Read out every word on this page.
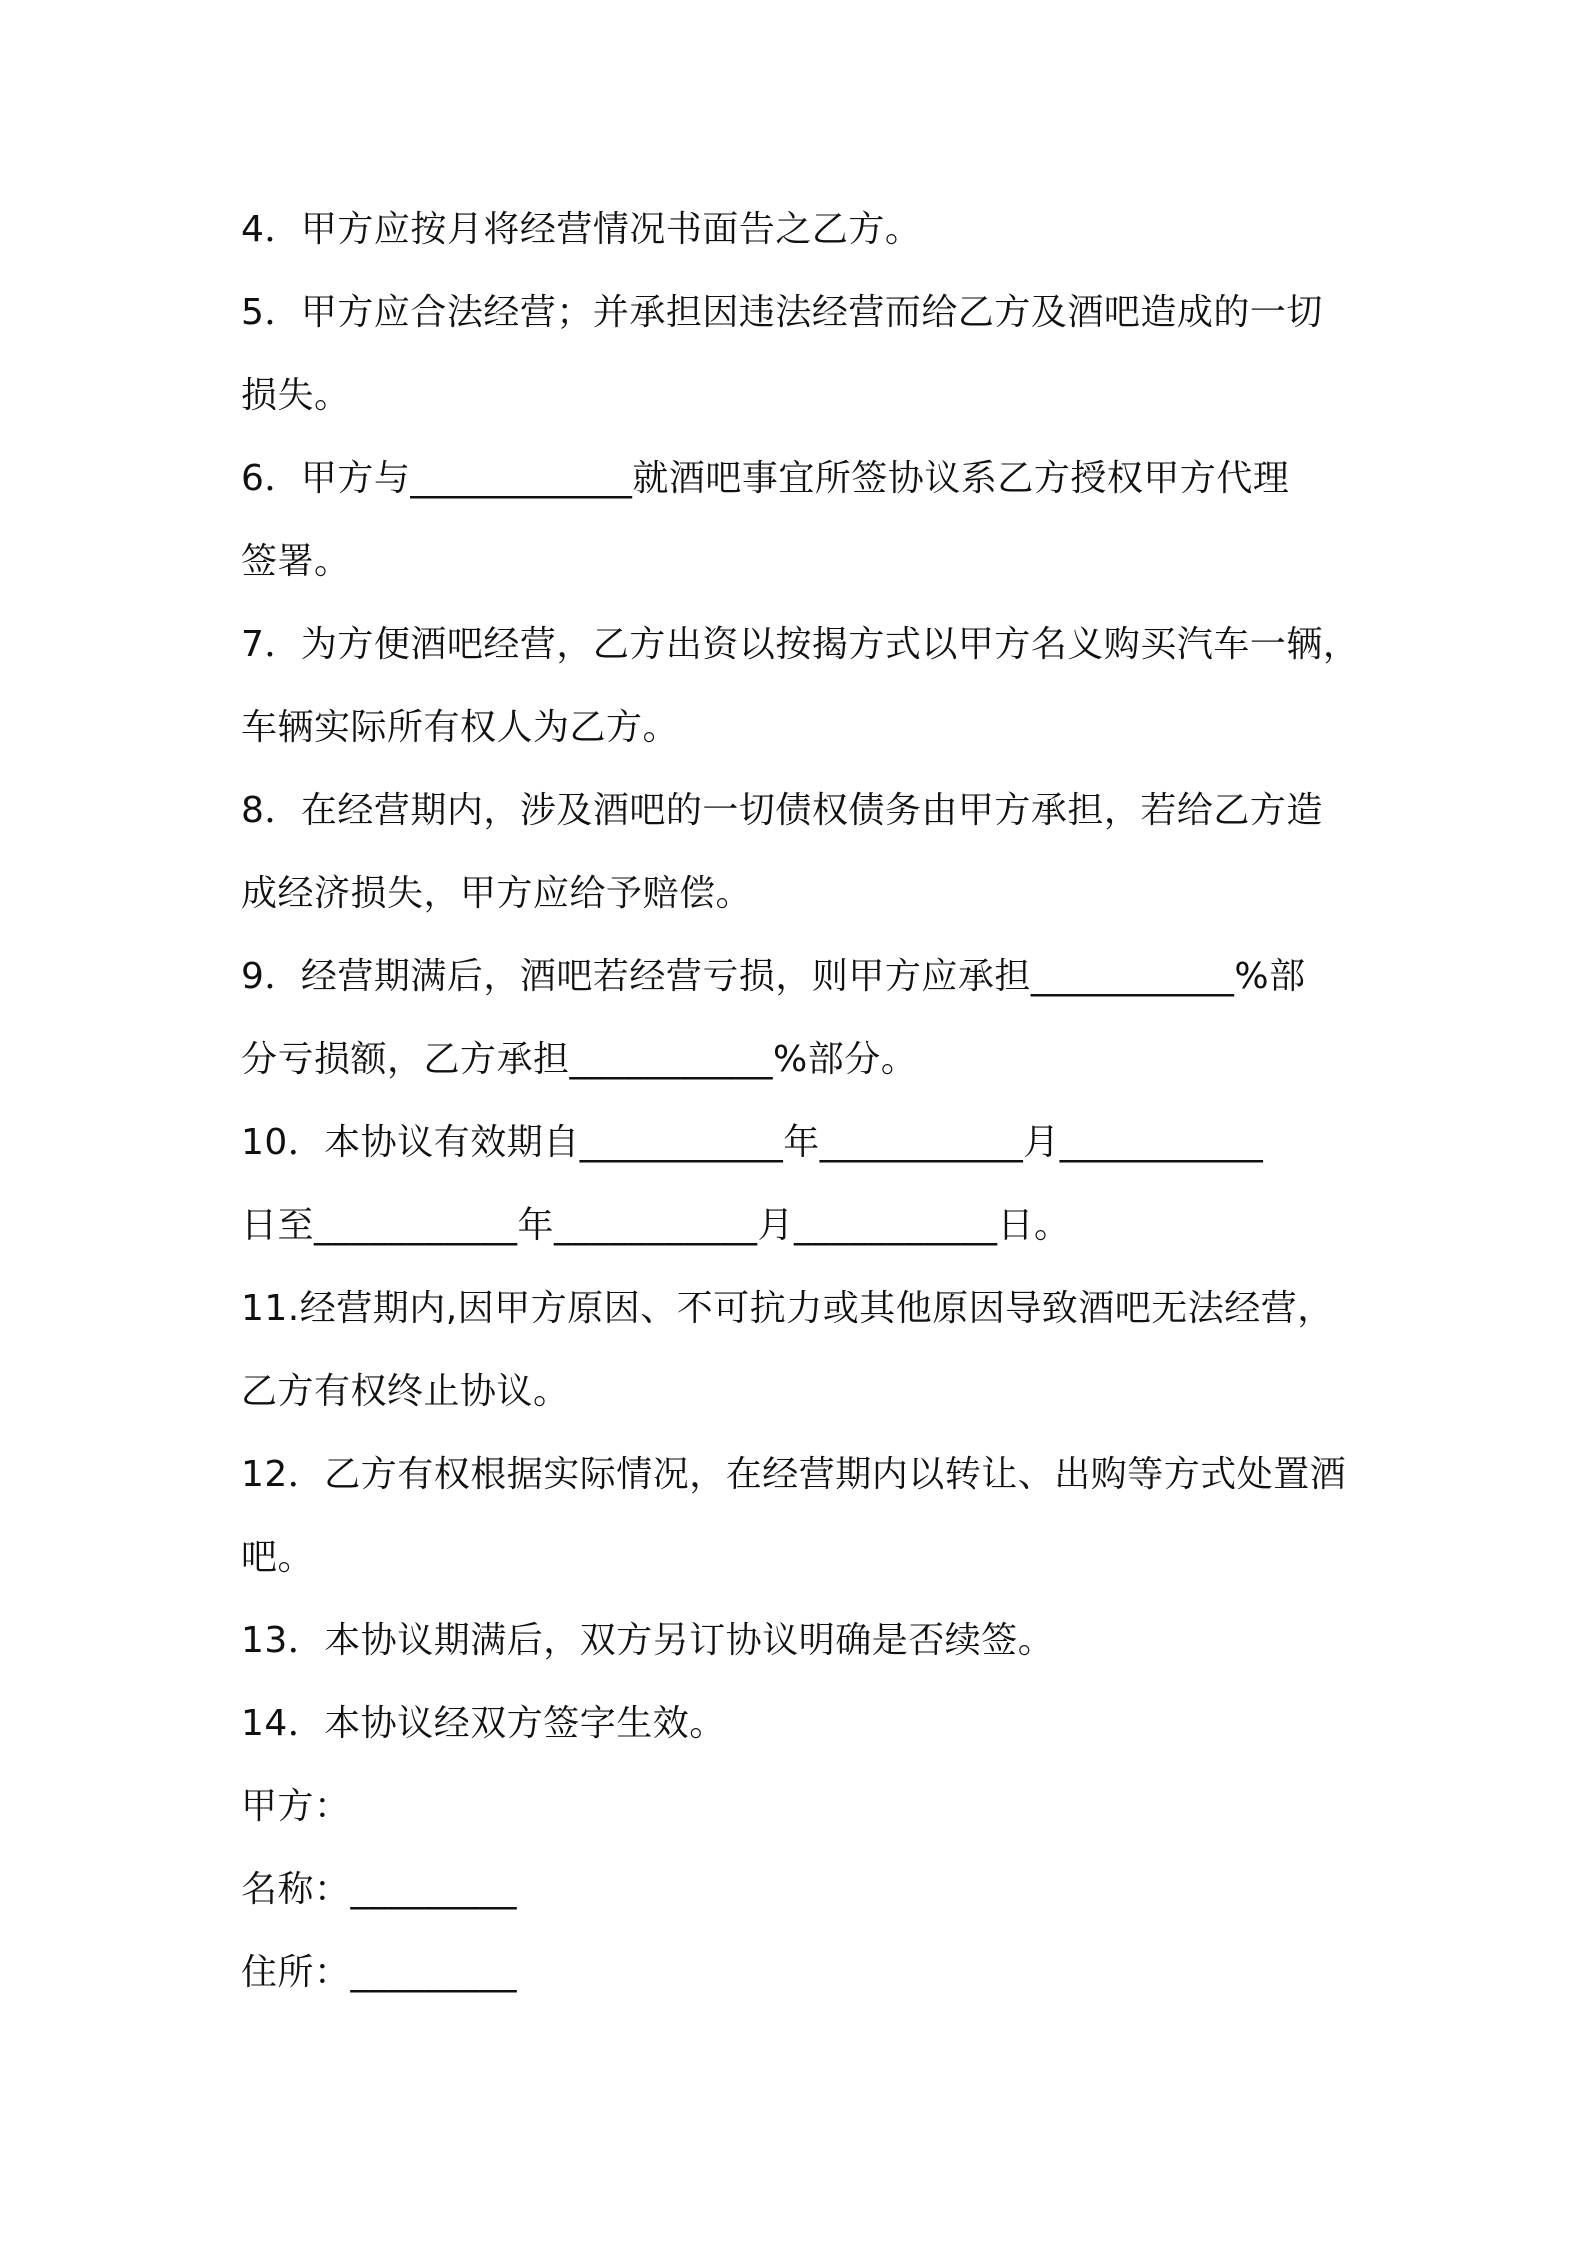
4．甲方应按月将经营情况书面告之乙方。
5．甲方应合法经营；并承担因违法经营而给乙方及酒吧造成的一切
损失。
6．甲方与____________就酒吧事宜所签协议系乙方授权甲方代理
签署。
7．为方便酒吧经营，乙方出资以按揭方式以甲方名义购买汽车一辆，
车辆实际所有权人为乙方。
8．在经营期内，涉及酒吧的一切债权债务由甲方承担，若给乙方造
成经济损失，甲方应给予赔偿。
9．经营期满后，酒吧若经营亏损，则甲方应承担___________%部
分亏损额，乙方承担___________%部分。
10．本协议有效期自___________年___________月___________
日至___________年___________月___________日。
11.经营期内,因甲方原因、不可抗力或其他原因导致酒吧无法经营，
乙方有权终止协议。
12．乙方有权根据实际情况，在经营期内以转让、出购等方式处置酒
吧。
13．本协议期满后，双方另订协议明确是否续签。
14．本协议经双方签字生效。
甲方：
名称：_________
住所：_________
